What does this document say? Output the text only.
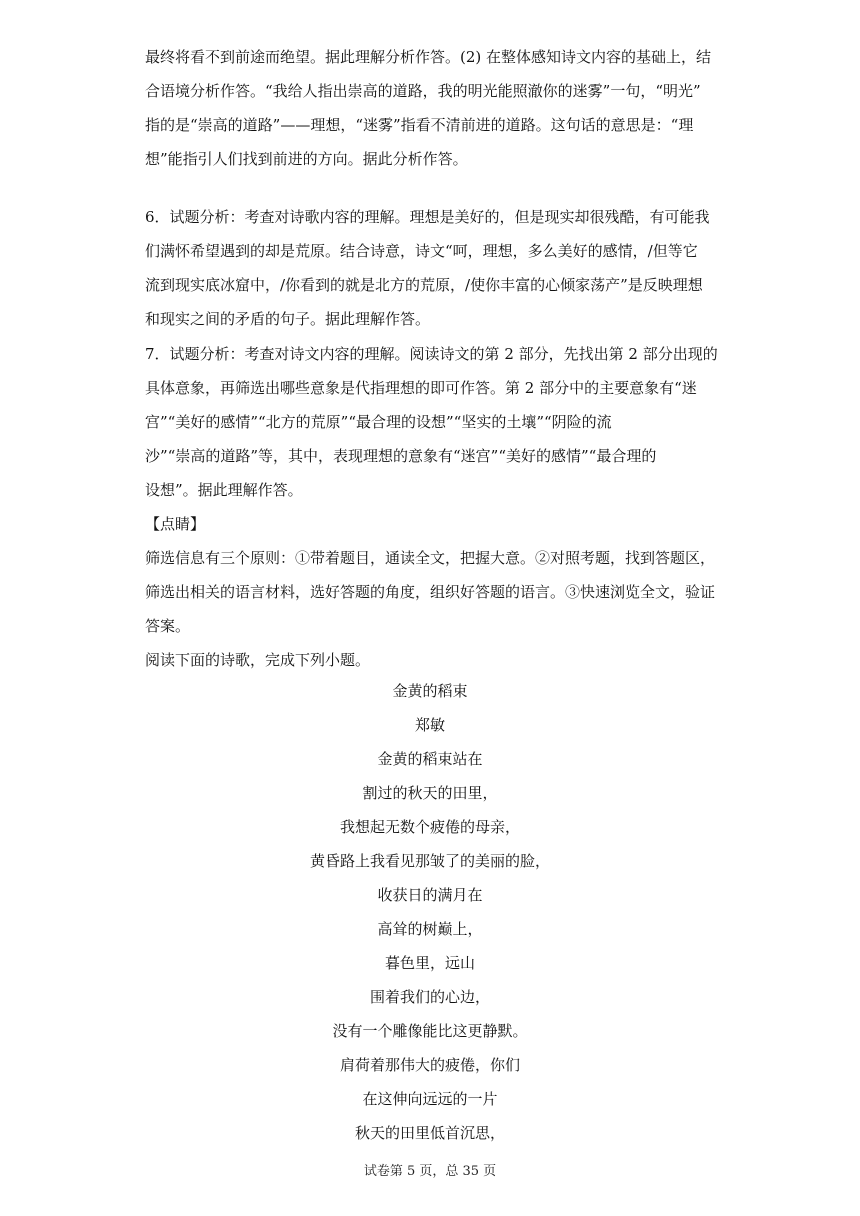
最终将看不到前途而绝望。据此理解分析作答。(2) 在整体感知诗文内容的基础上，结
合语境分析作答。“我给人指出崇高的道路，我的明光能照澈你的迷雾”一句，“明光”
指的是“崇高的道路”——理想，“迷雾”指看不清前进的道路。这句话的意思是：“理
想”能指引人们找到前进的方向。据此分析作答。

6．试题分析：考查对诗歌内容的理解。理想是美好的，但是现实却很残酷，有可能我
们满怀希望遇到的却是荒原。结合诗意，诗文“呵，理想，多么美好的感情，/但等它
流到现实底冰窟中，/你看到的就是北方的荒原，/使你丰富的心倾家荡产”是反映理想
和现实之间的矛盾的句子。据此理解作答。

7．试题分析：考查对诗文内容的理解。阅读诗文的第 2 部分，先找出第 2 部分出现的
具体意象，再筛选出哪些意象是代指理想的即可作答。第 2 部分中的主要意象有“迷
宫”“美好的感情”“北方的荒原”“最合理的设想”“坚实的土壤”“阴险的流
沙”“崇高的道路”等，其中，表现理想的意象有“迷宫”“美好的感情”“最合理的
设想”。据此理解作答。

【点睛】
筛选信息有三个原则：①带着题目，通读全文，把握大意。②对照考题，找到答题区，
筛选出相关的语言材料，选好答题的角度，组织好答题的语言。③快速浏览全文，验证
答案。
阅读下面的诗歌，完成下列小题。

金黄的稻束
郑敏
金黄的稻束站在
割过的秋天的田里，
我想起无数个疲倦的母亲，
黄昏路上我看见那皱了的美丽的脸，
收获日的满月在
高耸的树巅上，
暮色里，远山
围着我们的心边，
没有一个雕像能比这更静默。
肩荷着那伟大的疲倦，你们
在这伸向远远的一片
秋天的田里低首沉思，
试卷第 5 页，总 35 页
